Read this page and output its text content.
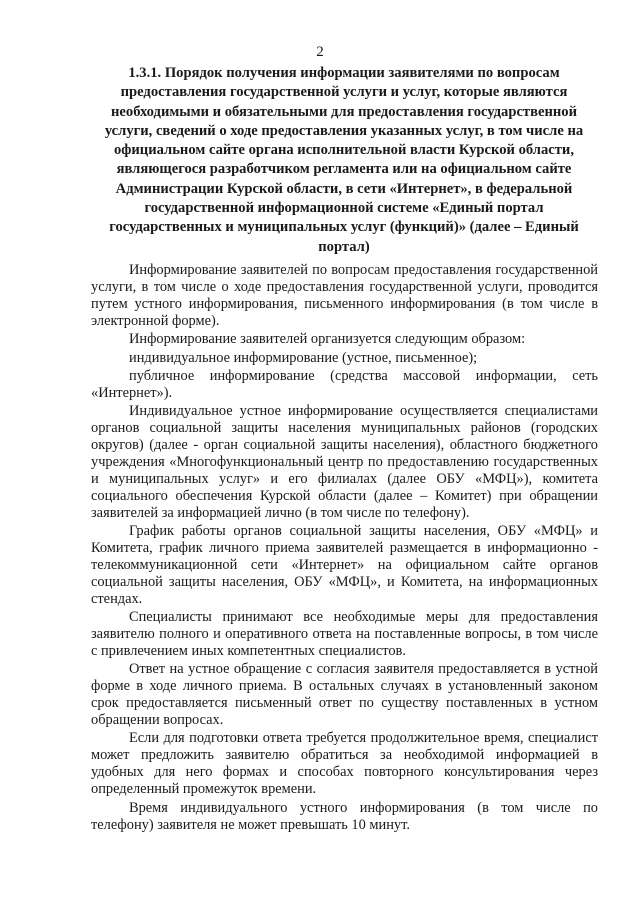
2
1.3.1. Порядок получения информации заявителями по вопросам
предоставления государственной услуги и услуг, которые являются
необходимыми и обязательными для предоставления государственной
услуги, сведений о ходе предоставления указанных услуг, в том числе на
официальном сайте органа исполнительной власти Курской области,
являющегося разработчиком регламента или на официальном сайте
Администрации Курской области, в сети «Интернет», в федеральной
государственной информационной системе «Единый портал
государственных и муниципальных услуг (функций)» (далее – Единый
портал)

Информирование заявителей по вопросам предоставления государственной услуги, в том числе о ходе предоставления государственной услуги, проводится путем устного информирования, письменного информирования (в том числе в электронной форме).

Информирование заявителей организуется следующим образом:

индивидуальное информирование (устное, письменное);

публичное информирование (средства массовой информации, сеть «Интернет»).

Индивидуальное устное информирование осуществляется специалистами органов социальной защиты населения муниципальных районов (городских округов) (далее - орган социальной защиты населения), областного бюджетного учреждения «Многофункциональный центр по предоставлению государственных и муниципальных услуг» и его филиалах (далее ОБУ «МФЦ»), комитета социального обеспечения Курской области (далее – Комитет) при обращении заявителей за информацией лично (в том числе по телефону).

График работы органов социальной защиты населения, ОБУ «МФЦ» и Комитета, график личного приема заявителей размещается в информационно - телекоммуникационной сети «Интернет» на официальном сайте органов социальной защиты населения, ОБУ «МФЦ», и Комитета, на информационных стендах.

Специалисты принимают все необходимые меры для предоставления заявителю полного и оперативного ответа на поставленные вопросы, в том числе с привлечением иных компетентных специалистов.

Ответ на устное обращение с согласия заявителя предоставляется в устной форме в ходе личного приема. В остальных случаях в установленный законом срок предоставляется письменный ответ по существу поставленных в устном обращении вопросах.

Если для подготовки ответа требуется продолжительное время, специалист может предложить заявителю обратиться за необходимой информацией в удобных для него формах и способах повторного консультирования через определенный промежуток времени.

Время индивидуального устного информирования (в том числе по телефону) заявителя не может превышать 10 минут.
